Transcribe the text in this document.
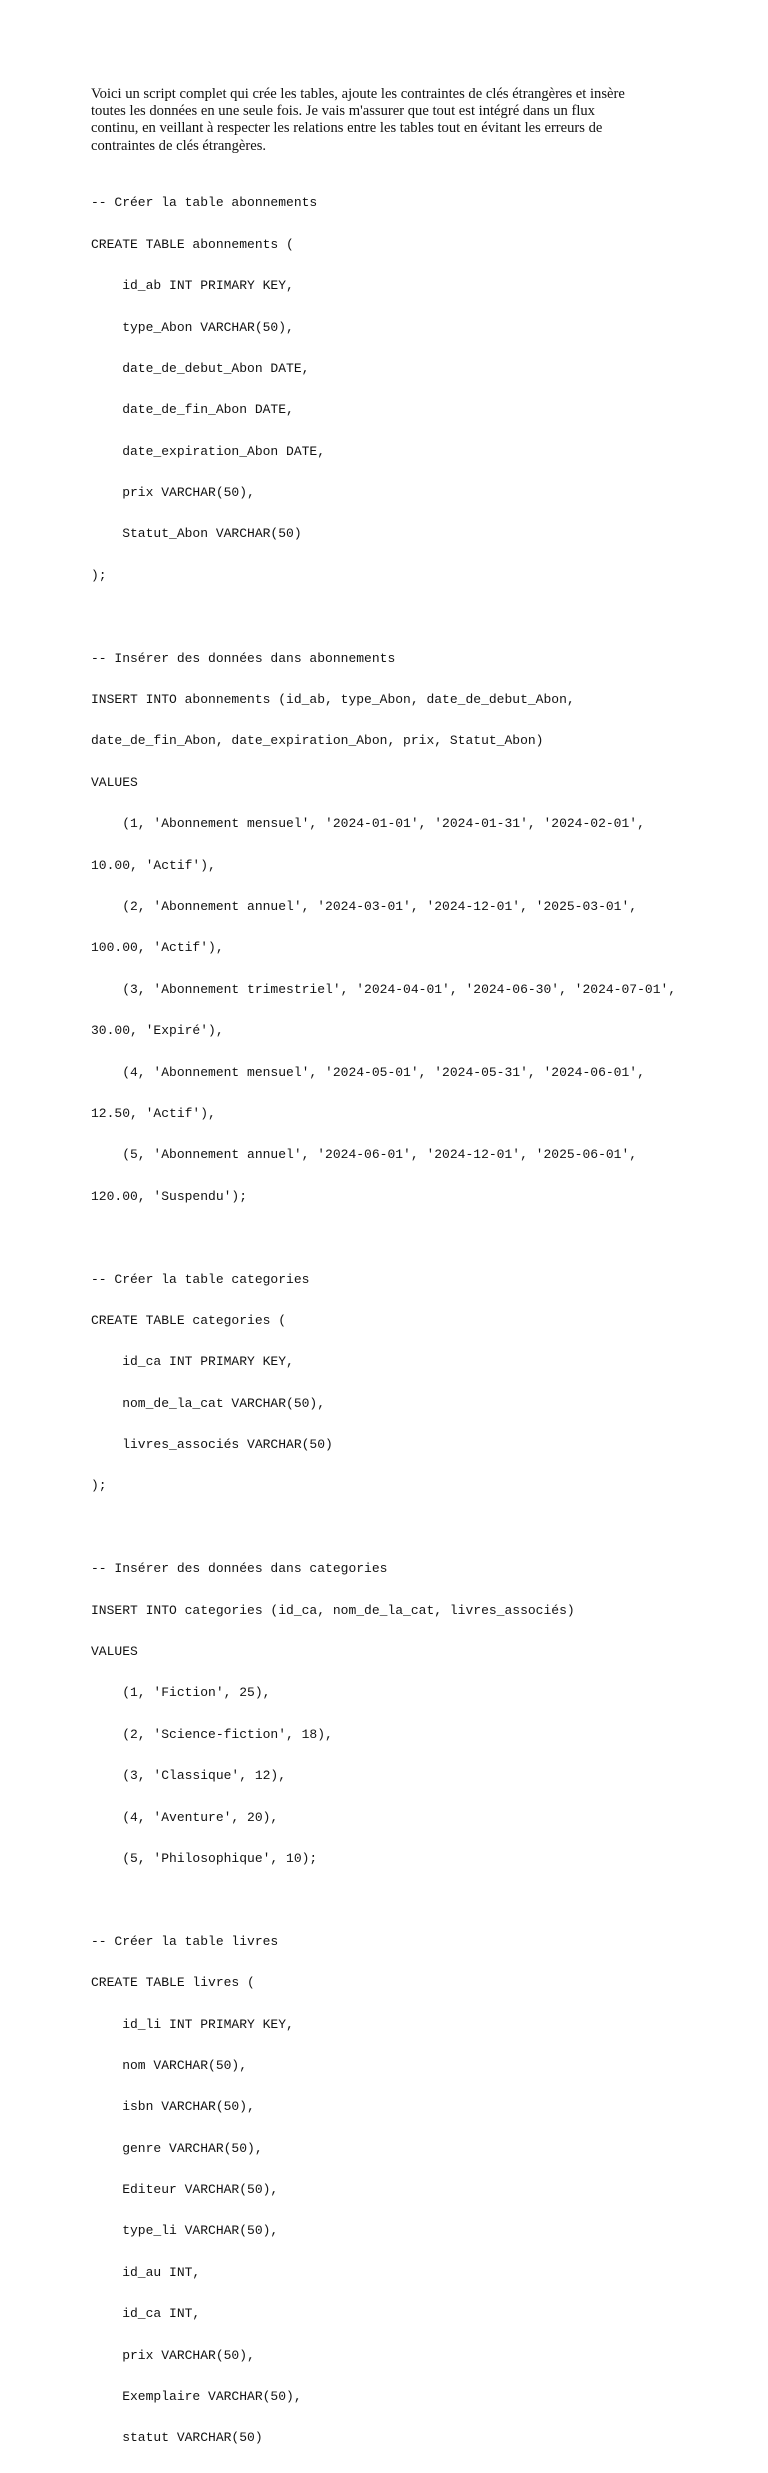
Voici un script complet qui crée les tables, ajoute les contraintes de clés étrangères et insère
toutes les données en une seule fois. Je vais m'assurer que tout est intégré dans un flux
continu, en veillant à respecter les relations entre les tables tout en évitant les erreurs de
contraintes de clés étrangères.

-- Créer la table abonnements

CREATE TABLE abonnements (

id_ab INT PRIMARY KEY,

type_Abon VARCHAR(50),

date_de_debut_Abon DATE,

date_de_fin_Abon DATE,

date_expiration_Abon DATE,

prix VARCHAR(50),

Statut_Abon VARCHAR(50)

);

-- Insérer des données dans abonnements

INSERT INTO abonnements (id_ab, type_Abon, date_de_debut_Abon,

date_de_fin_Abon, date_expiration_Abon, prix, Statut_Abon)

VALUES

(1, 'Abonnement mensuel', '2024-01-01', '2024-01-31', '2024-02-01',

10.00, 'Actif'),

(2, 'Abonnement annuel', '2024-03-01', '2024-12-01', '2025-03-01',

100.00, 'Actif'),

(3, 'Abonnement trimestriel', '2024-04-01', '2024-06-30', '2024-07-01',

30.00, 'Expiré'),

(4, 'Abonnement mensuel', '2024-05-01', '2024-05-31', '2024-06-01',

12.50, 'Actif'),

(5, 'Abonnement annuel', '2024-06-01', '2024-12-01', '2025-06-01',

120.00, 'Suspendu');

-- Créer la table categories

CREATE TABLE categories (

id_ca INT PRIMARY KEY,

nom_de_la_cat VARCHAR(50),

livres_associés VARCHAR(50)

);

-- Insérer des données dans categories

INSERT INTO categories (id_ca, nom_de_la_cat, livres_associés)

VALUES

(1, 'Fiction', 25),

(2, 'Science-fiction', 18),

(3, 'Classique', 12),

(4, 'Aventure', 20),

(5, 'Philosophique', 10);

-- Créer la table livres

CREATE TABLE livres (

id_li INT PRIMARY KEY,

nom VARCHAR(50),

isbn VARCHAR(50),

genre VARCHAR(50),

Editeur VARCHAR(50),

type_li VARCHAR(50),

id_au INT,

id_ca INT,

prix VARCHAR(50),

Exemplaire VARCHAR(50),

statut VARCHAR(50)
